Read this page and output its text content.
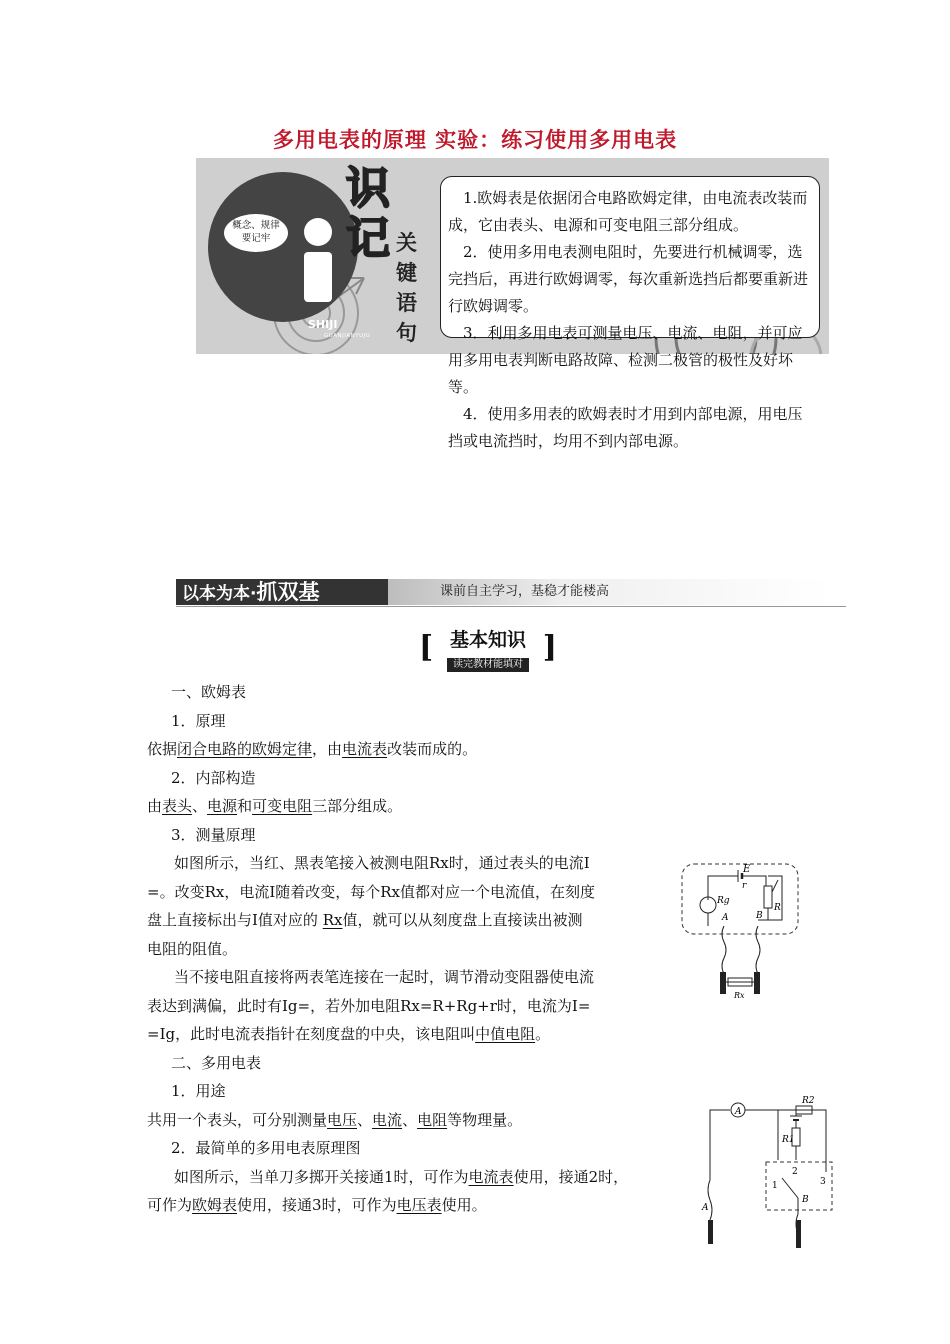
多用电表的原理 实验：练习使用多用电表
概念、规律
要记牢
识
记 关
键
语
句
SHIJI
GUANJIANYUJU

1.欧姆表是依据闭合电路欧姆定律，由电流表改装而成，它由表头、电源和可变电阻三部分组成。

2．使用多用电表测电阻时，先要进行机械调零，选完挡后，再进行欧姆调零，每次重新选挡后都要重新进行欧姆调零。

3．利用多用电表可测量电压、电流、电阻，并可应用多用电表判断电路故障、检测二极管的极性及好坏等。

4．使用多用表的欧姆表时才用到内部电源，用电压挡或电流挡时，均用不到内部电源。

以本为本·抓双基	课前自主学习，基稳才能楼高
[ 基本知识
读完教材能填对 ]

一、欧姆表

1．原理

依据闭合电路的欧姆定律，由电流表改装而成的。

2．内部构造

由表头、电源和可变电阻三部分组成。

3．测量原理

如图所示，当红、黑表笔接入被测电阻Rx时，通过表头的电流I

=。改变Rx，电流I随着改变，每个Rx值都对应一个电流值，在刻度

盘上直接标出与I值对应的 Rx值，就可以从刻度盘上直接读出被测

电阻的阻值。

当不接电阻直接将两表笔连接在一起时，调节滑动变阻器使电流

表达到满偏，此时有Ig=，若外加电阻Rx=R+Rg+r时，电流为I=

=Ig，此时电流表指针在刻度盘的中央，该电阻叫中值电阻。

二、多用电表

1．用途

共用一个表头，可分别测量电压、电流、电阻等物理量。

2．最简单的多用电表原理图

如图所示，当单刀多掷开关接通1时，可作为电流表使用，接通2时，

可作为欧姆表使用，接通3时，可作为电压表使用。

E
r
Rg
R
A	B
Rx
A
R2
R1
1
2
3
A
B
